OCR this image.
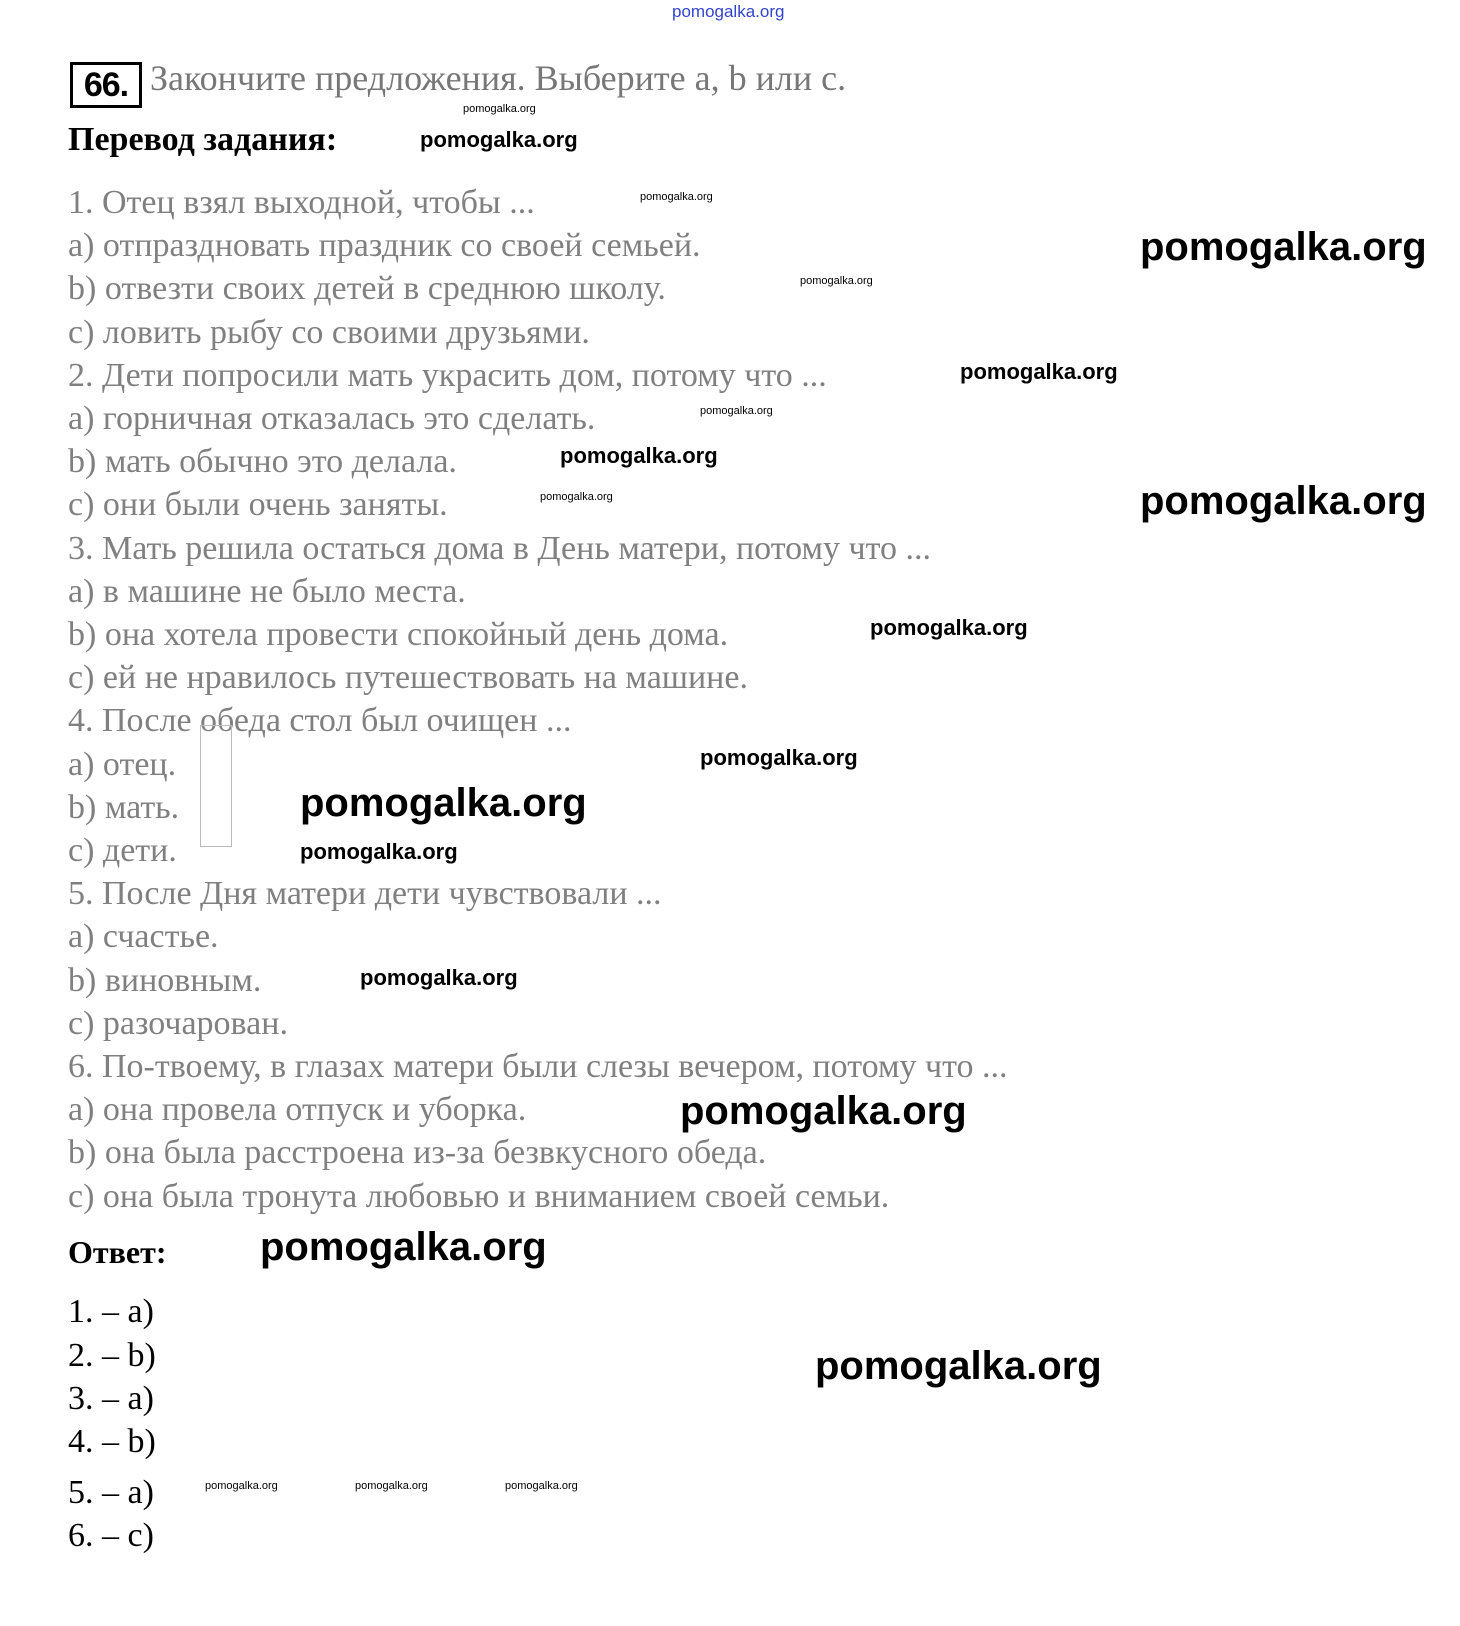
pomogalka.org
66. Закончите предложения. Выберите a, b или c.
Перевод задания:
1. Отец взял выходной, чтобы ...
a) отпраздновать праздник со своей семьей.
b) отвезти своих детей в среднюю школу.
c) ловить рыбу со своими друзьями.
2. Дети попросили мать украсить дом, потому что ...
a) горничная отказалась это сделать.
b) мать обычно это делала.
c) они были очень заняты.
3. Мать решила остаться дома в День матери, потому что ...
a) в машине не было места.
b) она хотела провести спокойный день дома.
c) ей не нравилось путешествовать на машине.
4. После обеда стол был очищен ...
a) отец.
b) мать.
c) дети.
5. После Дня матери дети чувствовали ...
a) счастье.
b) виновным.
c) разочарован.
6. По-твоему, в глазах матери были слезы вечером, потому что ...
a) она провела отпуск и уборка.
b) она была расстроена из-за безвкусного обеда.
c) она была тронута любовью и вниманием своей семьи.
Ответ:
1. – a)
2. – b)
3. – a)
4. – b)
5. – a)
6. – c)
pomogalka.org
pomogalka.org
pomogalka.org
pomogalka.org
pomogalka.org
pomogalka.org
pomogalka.org
pomogalka.org	pomogalka.org
pomogalka.org
pomogalka.org
pomogalka.org
pomogalka.org
pomogalka.org
pomogalka.org
pomogalka.org
pomogalka.org
pomogalka.org
pomogalka.org	pomogalka.org	pomogalka.org
